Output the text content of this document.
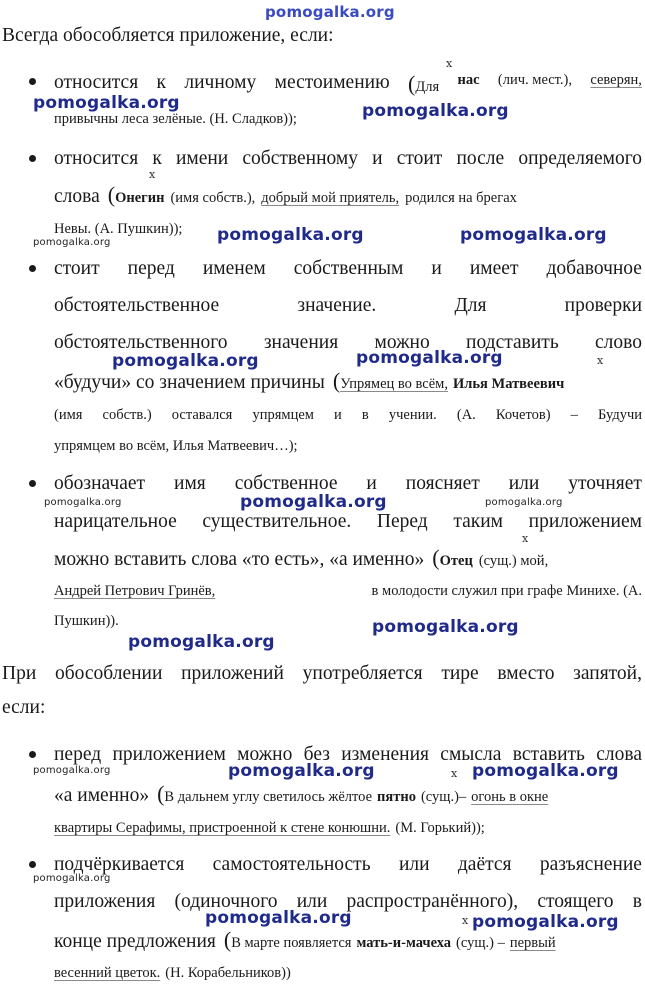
pomogalka.org
Всегда обособляется приложение, если:
x
относится к личному местоимению (Для нас (лич. мест.), северян,
привычны леса зелёные. (Н. Сладков));
pomogalka.org	pomogalka.org
относится к имени собственному и стоит после определяемого
x
слова ( Онегин (имя собств.), добрый мой приятель, родился на брегах
Невы. (А. Пушкин));
pomogalka.org	pomogalka.org	pomogalka.org
стоит перед именем собственным и имеет добавочное
обстоятельственное	значение.	Для	проверки
обстоятельственного значения можно подставить слово
x
«будучи» со значением причины ( Упрямец во всём, Илья Матвеевич
(имя собств.) оставался упрямцем и в учении. (А. Кочетов) – Будучи
упрямцем во всём, Илья Матвеевич…);
pomogalka.org	pomogalka.org
обозначает имя собственное и поясняет или уточняет
нарицательное существительное. Перед таким приложением
x
можно вставить слова «то есть», «а именно» ( Отец (сущ.) мой,
Андрей Петрович Гринёв,	в молодости служил при графе Минихе. (А.
Пушкин)).
pomogalka.org	pomogalka.org	pomogalka.org
pomogalka.org
pomogalka.org
При обособлении приложений употребляется тире вместо запятой,
если:
перед приложением можно без изменения смысла вставить слова
x
«а именно» ( В дальнем углу светилось жёлтое пятно (сущ.)– огонь в окне
квартиры Серафимы, пристроенной к стене конюшни. (М. Горький));
pomogalka.org	pomogalka.org	pomogalka.org
подчёркивается самостоятельность или даётся разъяснение
приложения (одиночного или распространённого), стоящего в
x
конце предложения ( В марте появляется мать-и-мачеха (сущ.) – первый
весенний цветок. (Н. Корабельников))
pomogalka.org
pomogalka.org	pomogalka.org
